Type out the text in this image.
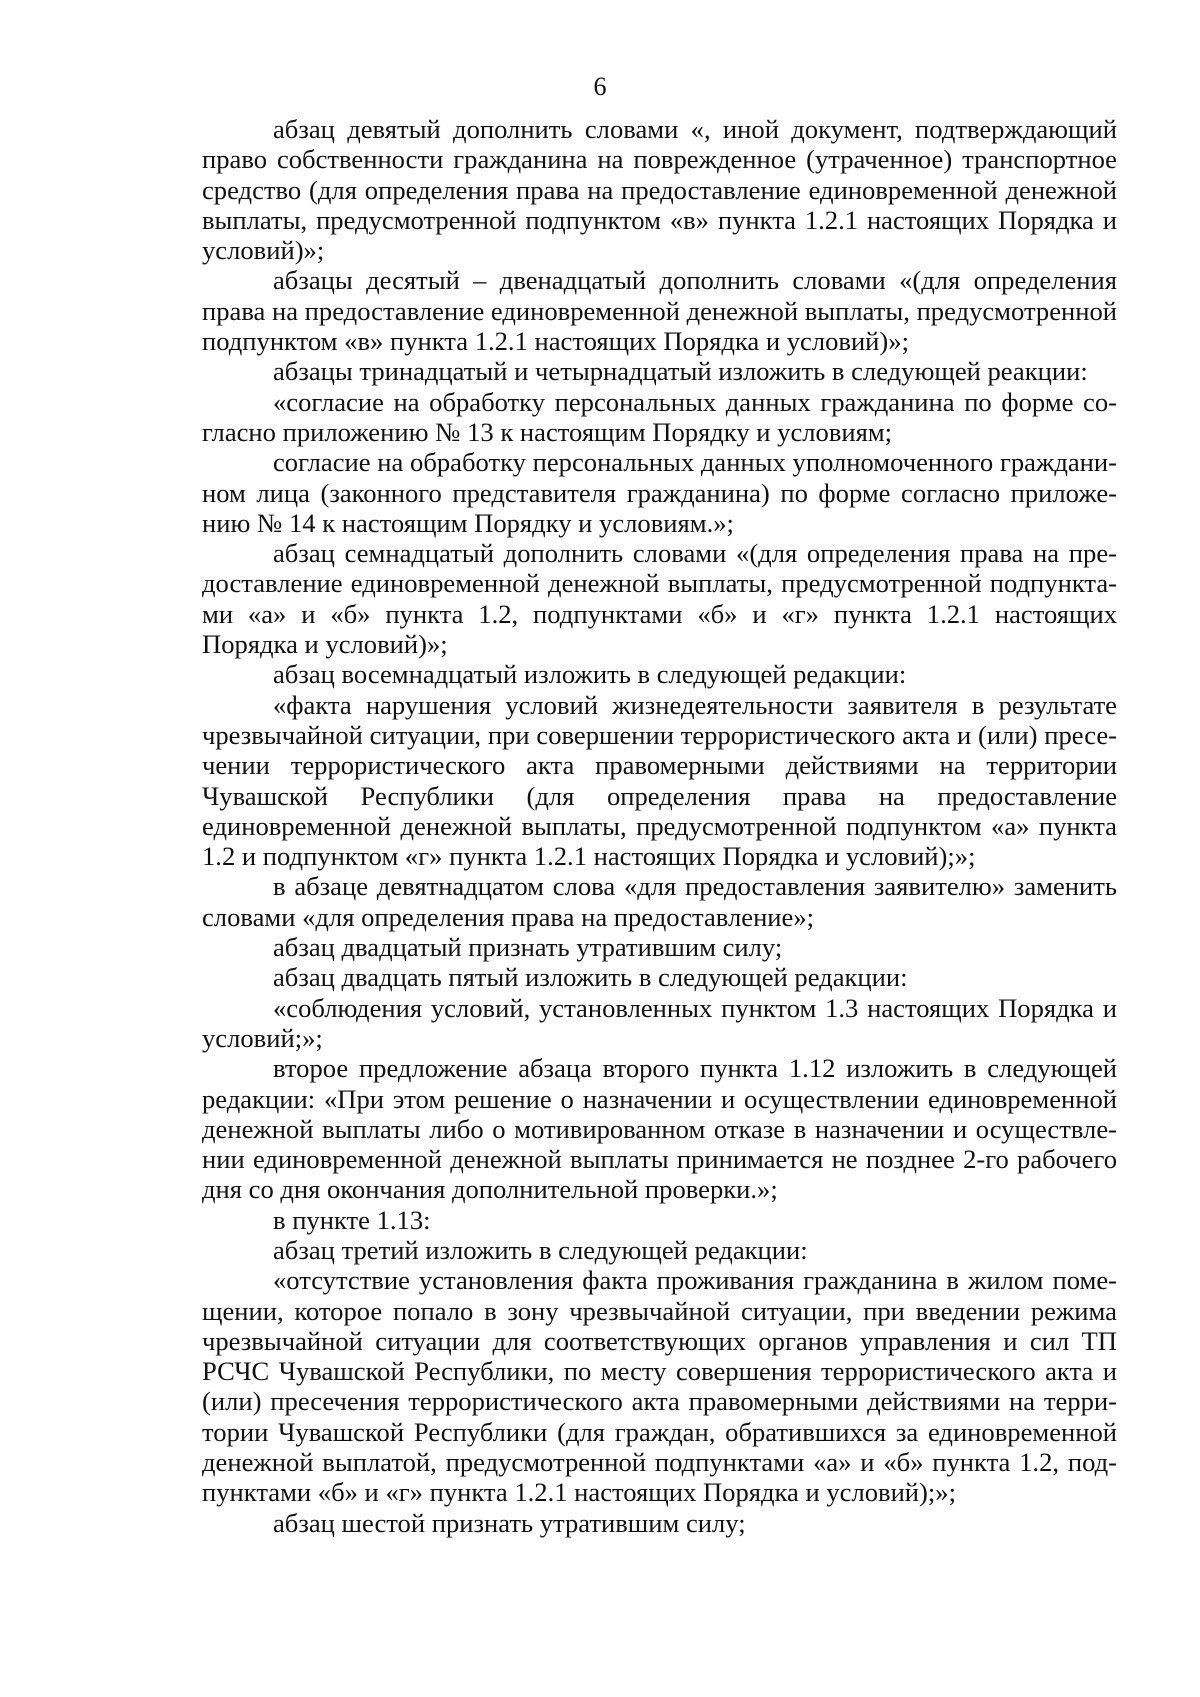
6

абзац девятый дополнить словами «, иной документ, подтверждающий право собственности гражданина на поврежденное (утраченное) транспортное средство (для определения права на предоставление единовременной денежной выплаты, предусмотренной подпунктом «в» пункта 1.2.1 настоящих Порядка и условий)»;

абзацы десятый – двенадцатый дополнить словами «(для определения права на предоставление единовременной денежной выплаты, предусмотренной подпунктом «в» пункта 1.2.1 настоящих Порядка и условий)»;

абзацы тринадцатый и четырнадцатый изложить в следующей реакции:

«согласие на обработку персональных данных гражданина по форме согласно приложению № 13 к настоящим Порядку и условиям;

согласие на обработку персональных данных уполномоченного гражданином лица (законного представителя гражданина) по форме согласно приложению № 14 к настоящим Порядку и условиям.»;

абзац семнадцатый дополнить словами «(для определения права на предоставление единовременной денежной выплаты, предусмотренной подпунктами «а» и «б» пункта 1.2, подпунктами «б» и «г» пункта 1.2.1 настоящих Порядка и условий)»;

абзац восемнадцатый изложить в следующей редакции:

«факта нарушения условий жизнедеятельности заявителя в результате чрезвычайной ситуации, при совершении террористического акта и (или) пресечении террористического акта правомерными действиями на территории Чувашской Республики (для определения права на предоставление единовременной денежной выплаты, предусмотренной подпунктом «а» пункта 1.2 и подпунктом «г» пункта 1.2.1 настоящих Порядка и условий);»;

в абзаце девятнадцатом слова «для предоставления заявителю» заменить словами «для определения права на предоставление»;

абзац двадцатый признать утратившим силу;

абзац двадцать пятый изложить в следующей редакции:

«соблюдения условий, установленных пунктом 1.3 настоящих Порядка и условий;»;

второе предложение абзаца второго пункта 1.12 изложить в следующей редакции: «При этом решение о назначении и осуществлении единовременной денежной выплаты либо о мотивированном отказе в назначении и осуществлении единовременной денежной выплаты принимается не позднее 2-го рабочего дня со дня окончания дополнительной проверки.»;

в пункте 1.13:

абзац третий изложить в следующей редакции:

«отсутствие установления факта проживания гражданина в жилом помещении, которое попало в зону чрезвычайной ситуации, при введении режима чрезвычайной ситуации для соответствующих органов управления и сил ТП РСЧС Чувашской Республики, по месту совершения террористического акта и (или) пресечения террористического акта правомерными действиями на территории Чувашской Республики (для граждан, обратившихся за единовременной денежной выплатой, предусмотренной подпунктами «а» и «б» пункта 1.2, подпунктами «б» и «г» пункта 1.2.1 настоящих Порядка и условий);»;

абзац шестой признать утратившим силу;
